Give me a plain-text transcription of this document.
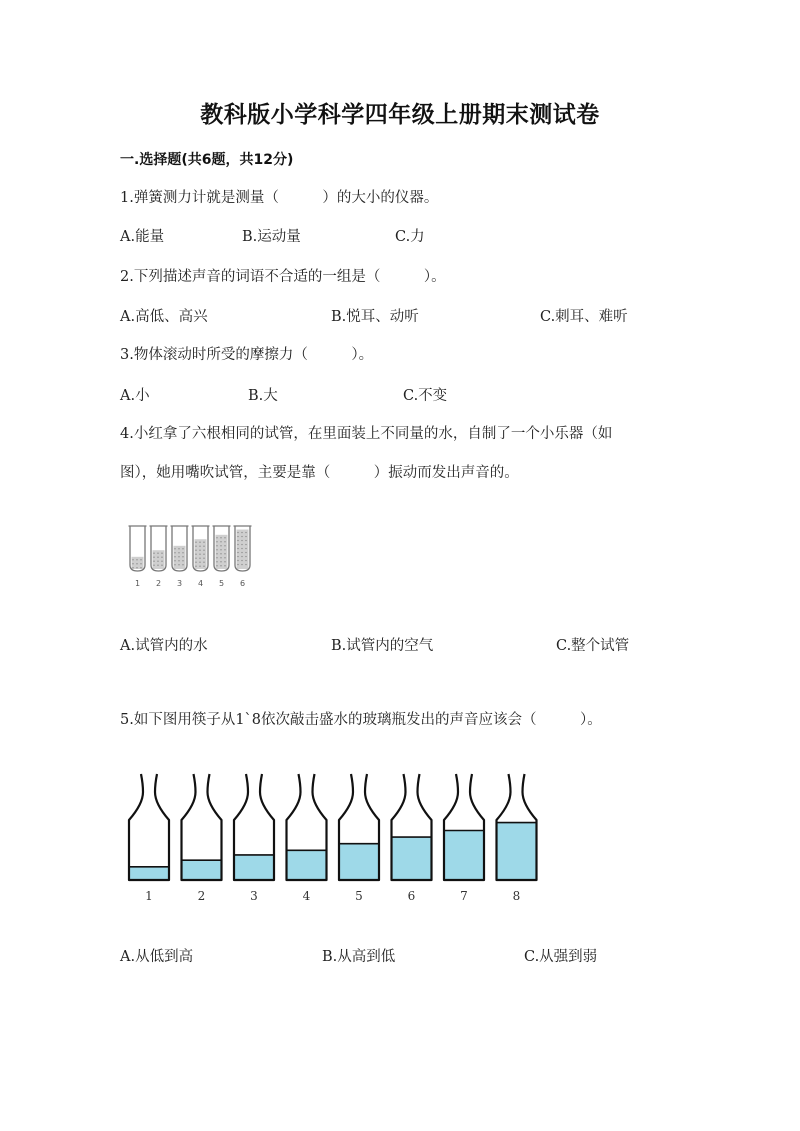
教科版小学科学四年级上册期末测试卷
一.选择题(共6题，共12分)
1.弹簧测力计就是测量（　　　）的大小的仪器。
A.能量	B.运动量	C.力
2.下列描述声音的词语不合适的一组是（　　　）。
A.高低、高兴	B.悦耳、动听	C.刺耳、难听
3.物体滚动时所受的摩擦力（　　　）。
A.小	B.大	C.不变
4.小红拿了六根相同的试管，在里面装上不同量的水，自制了一个小乐器（如
图），她用嘴吹试管，主要是靠（　　　）振动而发出声音的。
1 2 3 4 5 6
A.试管内的水	B.试管内的空气	C.整个试管
5.如下图用筷子从1`8依次敲击盛水的玻璃瓶发出的声音应该会（　　　）。
1	2	3	4	5	6	7	8
A.从低到高	B.从高到低	C.从强到弱
